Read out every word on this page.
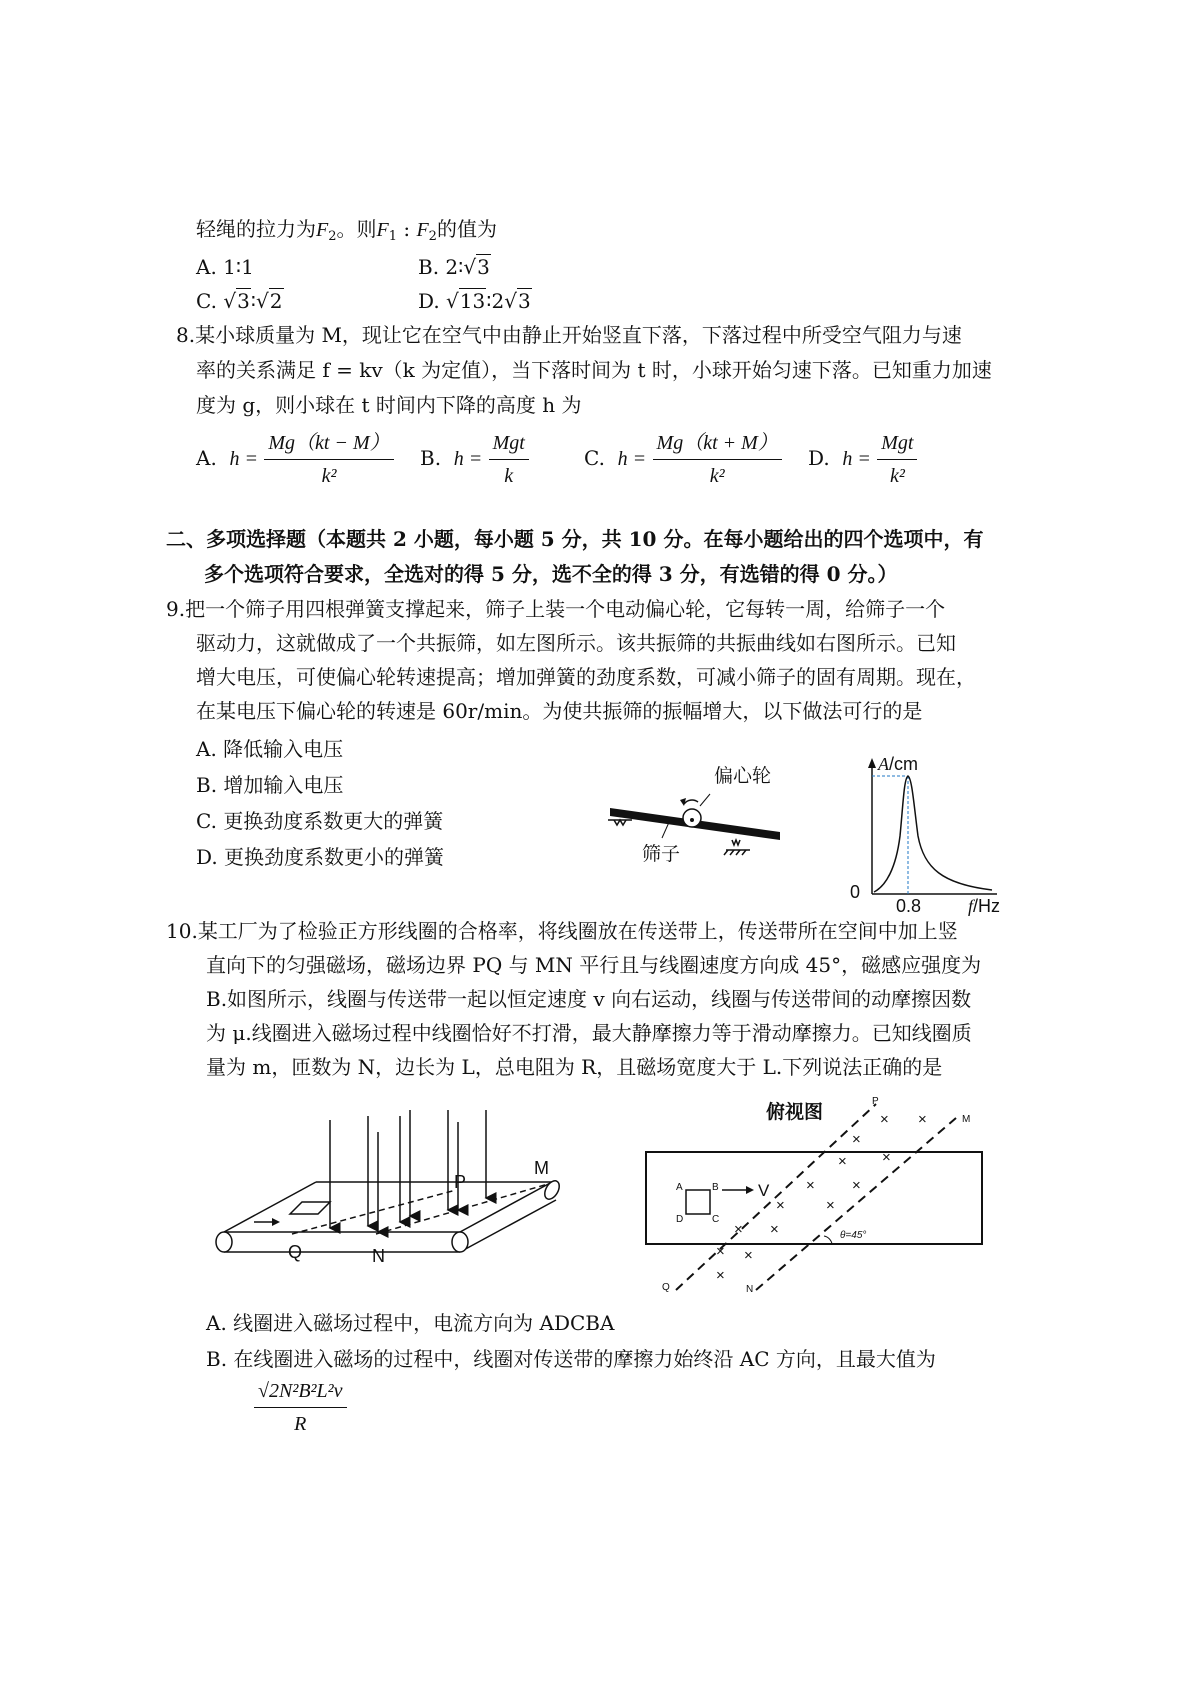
轻绳的拉力为$F_2$。则$F_1$ : $F_2$的值为
A. 1∶1	B. 2∶√3
C. √3∶√2	D. √13∶2√3
8.某小球质量为 M，现让它在空气中由静止开始竖直下落，下落过程中所受空气阻力与速
率的关系满足 f = kv（k 为定值），当下落时间为 t 时，小球开始匀速下落。已知重力加速
度为 g，则小球在 t 时间内下降的高度 h 为
A. $h = \frac{Mg(kt - M)}{\text{k²}} B$. $h = \frac{\text{Mgt}}{k}$	C. $h = \frac{Mg(kt + M)}{\text{k²}} D$. $h = \frac{\text{Mgt}}{\text{k²}}$
二、多项选择题（本题共 2 小题，每小题 5 分，共 10 分。在每小题给出的四个选项中，有
多个选项符合要求，全选对的得 5 分，选不全的得 3 分，有选错的得 0 分。）
9.把一个筛子用四根弹簧支撑起来，筛子上装一个电动偏心轮，它每转一周，给筛子一个
驱动力，这就做成了一个共振筛，如左图所示。该共振筛的共振曲线如右图所示。已知
增大电压，可使偏心轮转速提高；增加弹簧的劲度系数，可减小筛子的固有周期。现在，
在某电压下偏心轮的转速是 60r/min。为使共振筛的振幅增大，以下做法可行的是
A. 降低输入电压
B. 增加输入电压
C. 更换劲度系数更大的弹簧
D. 更换劲度系数更小的弹簧
偏心轮
筛子
A/cm
0
0.8	f/Hz
10.某工厂为了检验正方形线圈的合格率，将线圈放在传送带上，传送带所在空间中加上竖
直向下的匀强磁场，磁场边界 PQ 与 MN 平行且与线圈速度方向成 45°，磁感应强度为
B.如图所示，线圈与传送带一起以恒定速度 v 向右运动，线圈与传送带间的动摩擦因数
为 μ.线圈进入磁场过程中线圈恰好不打滑，最大静摩擦力等于滑动摩擦力。已知线圈质
量为 m，匝数为 N，边长为 L，总电阻为 R，且磁场宽度大于 L.下列说法正确的是
P
M
Q	N
俯视图
A	B
D	C
V
P
M
Q	N
θ=45°
× ×
×
×
×
× ×
×	×
× ×
× ×
×
A. 线圈进入磁场过程中，电流方向为 ADCBA
B. 在线圈进入磁场的过程中，线圈对传送带的摩擦力始终沿 AC 方向，且最大值为
$\frac{\text{√2N²B²L²v}}{R}$
